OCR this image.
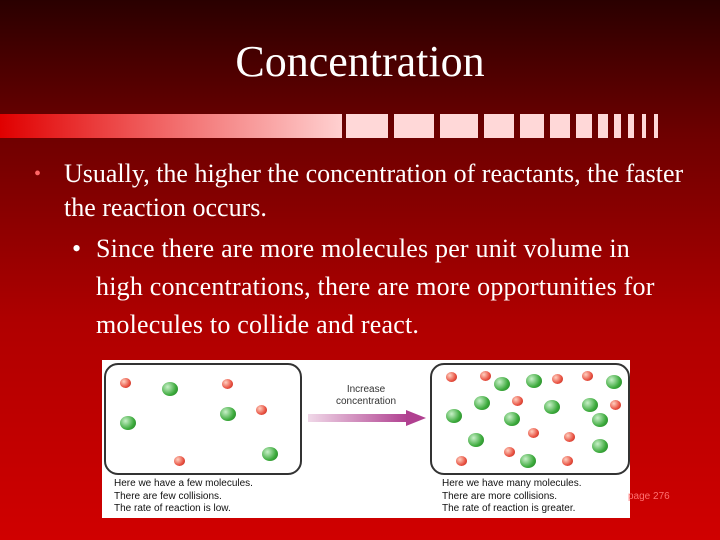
Concentration
• Usually, the higher the concentration of reactants, the faster the reaction occurs.
• Since there are more molecules per unit volume in high concentrations, there are more opportunities for molecules to collide and react.
Increase
concentration
Here we have a few molecules.
There are few collisions.
The rate of reaction is low.
Here we have many molecules.
There are more collisions.
The rate of reaction is greater.
page 276
